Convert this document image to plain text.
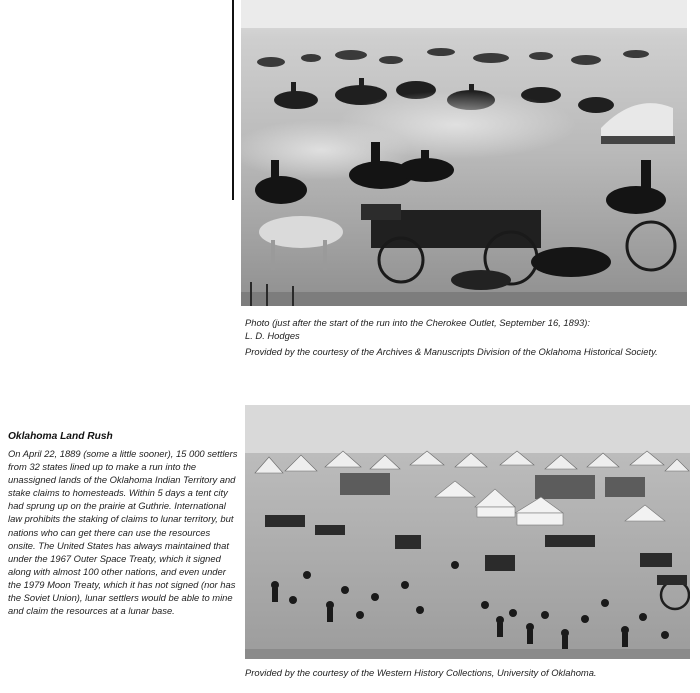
Photo (just after the start of the run into the Cherokee Outlet, September 16, 1893):
L. D. Hodges

Provided by the courtesy of the Archives & Manuscripts Division of the Oklahoma Historical Society.

Provided by the courtesy of the Western History Collections, University of Oklahoma.
Oklahoma Land Rush
On April 22, 1889 (some a little sooner), 15 000 settlers from 32 states lined up to make a run into the unassigned lands of the Oklahoma Indian Territory and stake claims to homesteads. Within 5 days a tent city had sprung up on the prairie at Guthrie. International law prohibits the staking of claims to lunar territory, but nations who can get there can use the resources onsite. The United States has always maintained that under the 1967 Outer Space Treaty, which it signed along with almost 100 other nations, and even under the 1979 Moon Treaty, which it has not signed (nor has the Soviet Union), lunar settlers would be able to mine and claim the resources at a lunar base.
